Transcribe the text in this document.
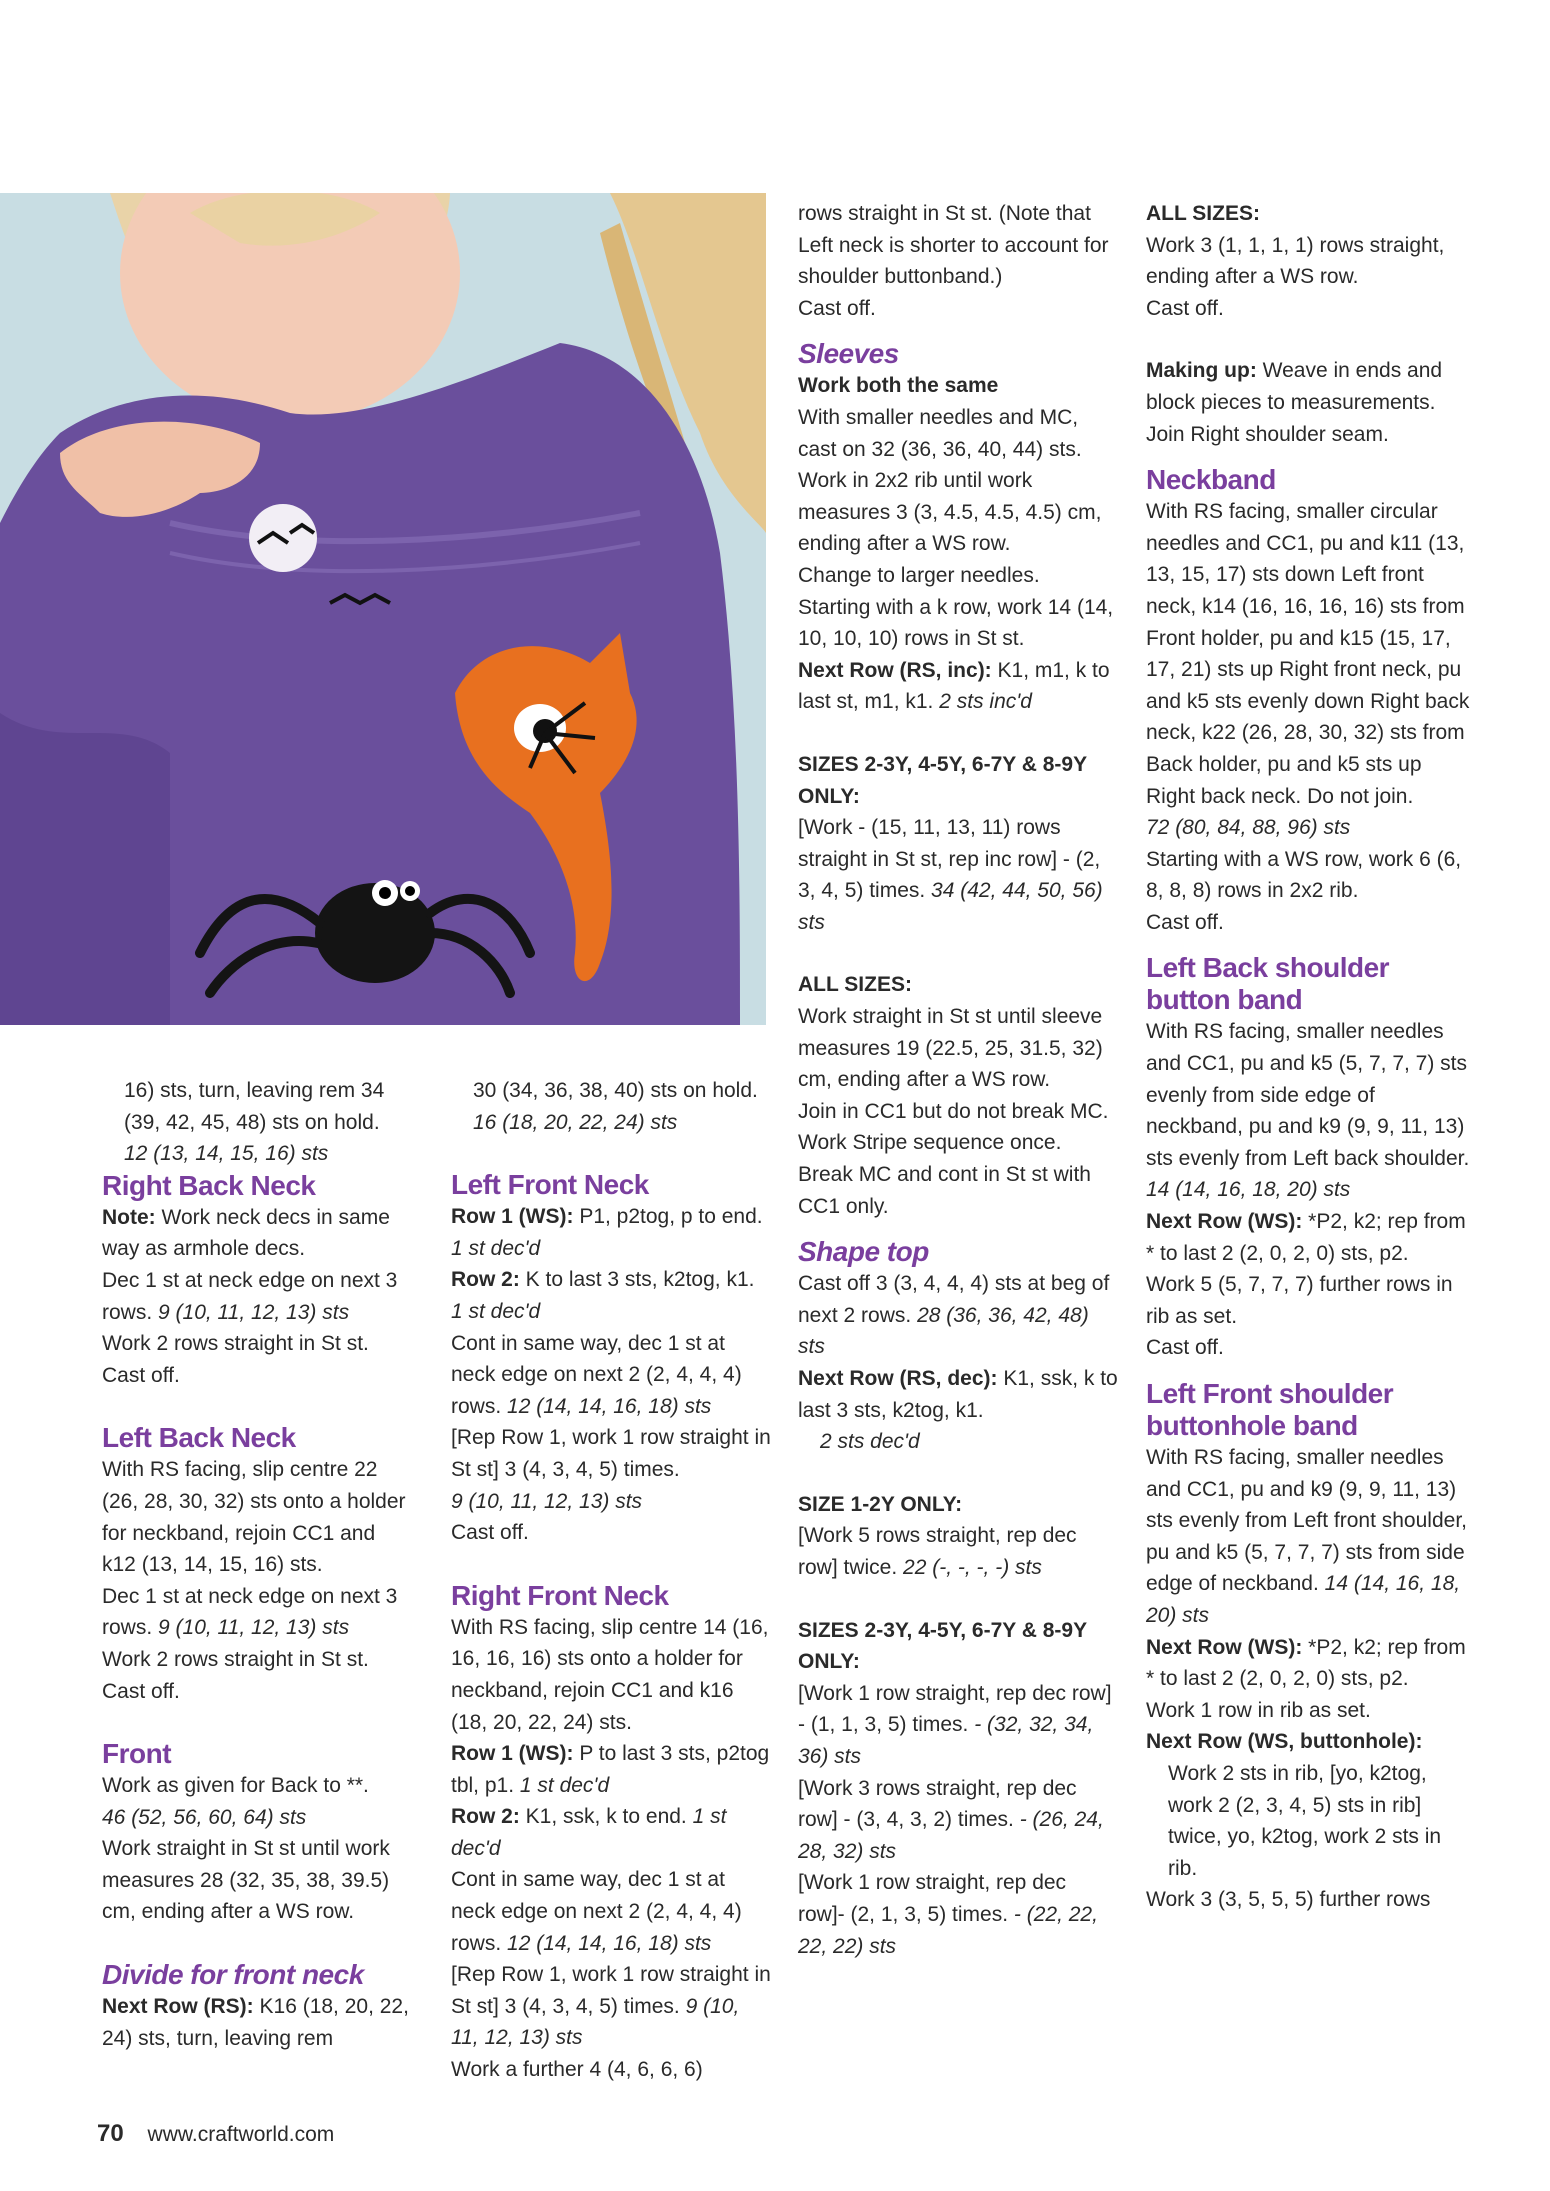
16) sts, turn, leaving rem 34

(39, 42, 45, 48) sts on hold.

12 (13, 14, 15, 16) sts

Right Back Neck

Note: Work neck decs in same way as armhole decs.

Dec 1 st at neck edge on next 3 rows. 9 (10, 11, 12, 13) sts

Work 2 rows straight in St st.

Cast off.

Left Back Neck

With RS facing, slip centre 22 (26, 28, 30, 32) sts onto a holder for neckband, rejoin CC1 and k12 (13, 14, 15, 16) sts.

Dec 1 st at neck edge on next 3 rows. 9 (10, 11, 12, 13) sts

Work 2 rows straight in St st.

Cast off.

Front

Work as given for Back to **.

46 (52, 56, 60, 64) sts

Work straight in St st until work measures 28 (32, 35, 38, 39.5) cm, ending after a WS row.

Divide for front neck

Next Row (RS): K16 (18, 20, 22, 24) sts, turn, leaving rem

30 (34, 36, 38, 40) sts on hold. 16 (18, 20, 22, 24) sts

Left Front Neck

Row 1 (WS): P1, p2tog, p to end. 1 st dec'd

Row 2: K to last 3 sts, k2tog, k1. 1 st dec'd

Cont in same way, dec 1 st at neck edge on next 2 (2, 4, 4, 4) rows. 12 (14, 14, 16, 18) sts

[Rep Row 1, work 1 row straight in St st] 3 (4, 3, 4, 5) times.

9 (10, 11, 12, 13) sts

Cast off.

Right Front Neck

With RS facing, slip centre 14 (16, 16, 16, 16) sts onto a holder for neckband, rejoin CC1 and k16 (18, 20, 22, 24) sts.

Row 1 (WS): P to last 3 sts, p2tog tbl, p1. 1 st dec'd

Row 2: K1, ssk, k to end. 1 st dec'd

Cont in same way, dec 1 st at neck edge on next 2 (2, 4, 4, 4) rows. 12 (14, 14, 16, 18) sts

[Rep Row 1, work 1 row straight in St st] 3 (4, 3, 4, 5) times. 9 (10, 11, 12, 13) sts

Work a further 4 (4, 6, 6, 6)

rows straight in St st. (Note that Left neck is shorter to account for shoulder buttonband.)

Cast off.

Sleeves

Work both the same

With smaller needles and MC, cast on 32 (36, 36, 40, 44) sts.

Work in 2x2 rib until work measures 3 (3, 4.5, 4.5, 4.5) cm, ending after a WS row.

Change to larger needles.

Starting with a k row, work 14 (14, 10, 10, 10) rows in St st.

Next Row (RS, inc): K1, m1, k to last st, m1, k1. 2 sts inc'd

SIZES 2-3Y, 4-5Y, 6-7Y & 8-9Y ONLY:

[Work - (15, 11, 13, 11) rows straight in St st, rep inc row] - (2, 3, 4, 5) times. 34 (42, 44, 50, 56) sts

ALL SIZES:

Work straight in St st until sleeve measures 19 (22.5, 25, 31.5, 32) cm, ending after a WS row.

Join in CC1 but do not break MC.

Work Stripe sequence once.

Break MC and cont in St st with CC1 only.

Shape top

Cast off 3 (3, 4, 4, 4) sts at beg of next 2 rows. 28 (36, 36, 42, 48) sts

Next Row (RS, dec): K1, ssk, k to last 3 sts, k2tog, k1.

2 sts dec'd

SIZE 1-2Y ONLY:

[Work 5 rows straight, rep dec row] twice. 22 (-, -, -, -) sts

SIZES 2-3Y, 4-5Y, 6-7Y & 8-9Y ONLY:

[Work 1 row straight, rep dec row] - (1, 1, 3, 5) times. - (32, 32, 34, 36) sts

[Work 3 rows straight, rep dec row] - (3, 4, 3, 2) times. - (26, 24, 28, 32) sts

[Work 1 row straight, rep dec row]- (2, 1, 3, 5) times. - (22, 22, 22, 22) sts

ALL SIZES:

Work 3 (1, 1, 1, 1) rows straight, ending after a WS row.

Cast off.

Making up: Weave in ends and block pieces to measurements. Join Right shoulder seam.

Neckband

With RS facing, smaller circular needles and CC1, pu and k11 (13, 13, 15, 17) sts down Left front neck, k14 (16, 16, 16, 16) sts from Front holder, pu and k15 (15, 17, 17, 21) sts up Right front neck, pu and k5 sts evenly down Right back neck, k22 (26, 28, 30, 32) sts from Back holder, pu and k5 sts up Right back neck. Do not join.

72 (80, 84, 88, 96) sts

Starting with a WS row, work 6 (6, 8, 8, 8) rows in 2x2 rib.

Cast off.

Left Back shoulder button band

With RS facing, smaller needles and CC1, pu and k5 (5, 7, 7, 7) sts evenly from side edge of neckband, pu and k9 (9, 9, 11, 13) sts evenly from Left back shoulder. 14 (14, 16, 18, 20) sts

Next Row (WS): *P2, k2; rep from * to last 2 (2, 0, 2, 0) sts, p2.

Work 5 (5, 7, 7, 7) further rows in rib as set.

Cast off.

Left Front shoulder buttonhole band

With RS facing, smaller needles and CC1, pu and k9 (9, 9, 11, 13) sts evenly from Left front shoulder, pu and k5 (5, 7, 7, 7) sts from side edge of neckband. 14 (14, 16, 18, 20) sts

Next Row (WS): *P2, k2; rep from * to last 2 (2, 0, 2, 0) sts, p2.

Work 1 row in rib as set.

Next Row (WS, buttonhole):

Work 2 sts in rib, [yo, k2tog, work 2 (2, 3, 4, 5) sts in rib] twice, yo, k2tog, work 2 sts in rib.

Work 3 (3, 5, 5, 5) further rows

70 www.craftworld.com
